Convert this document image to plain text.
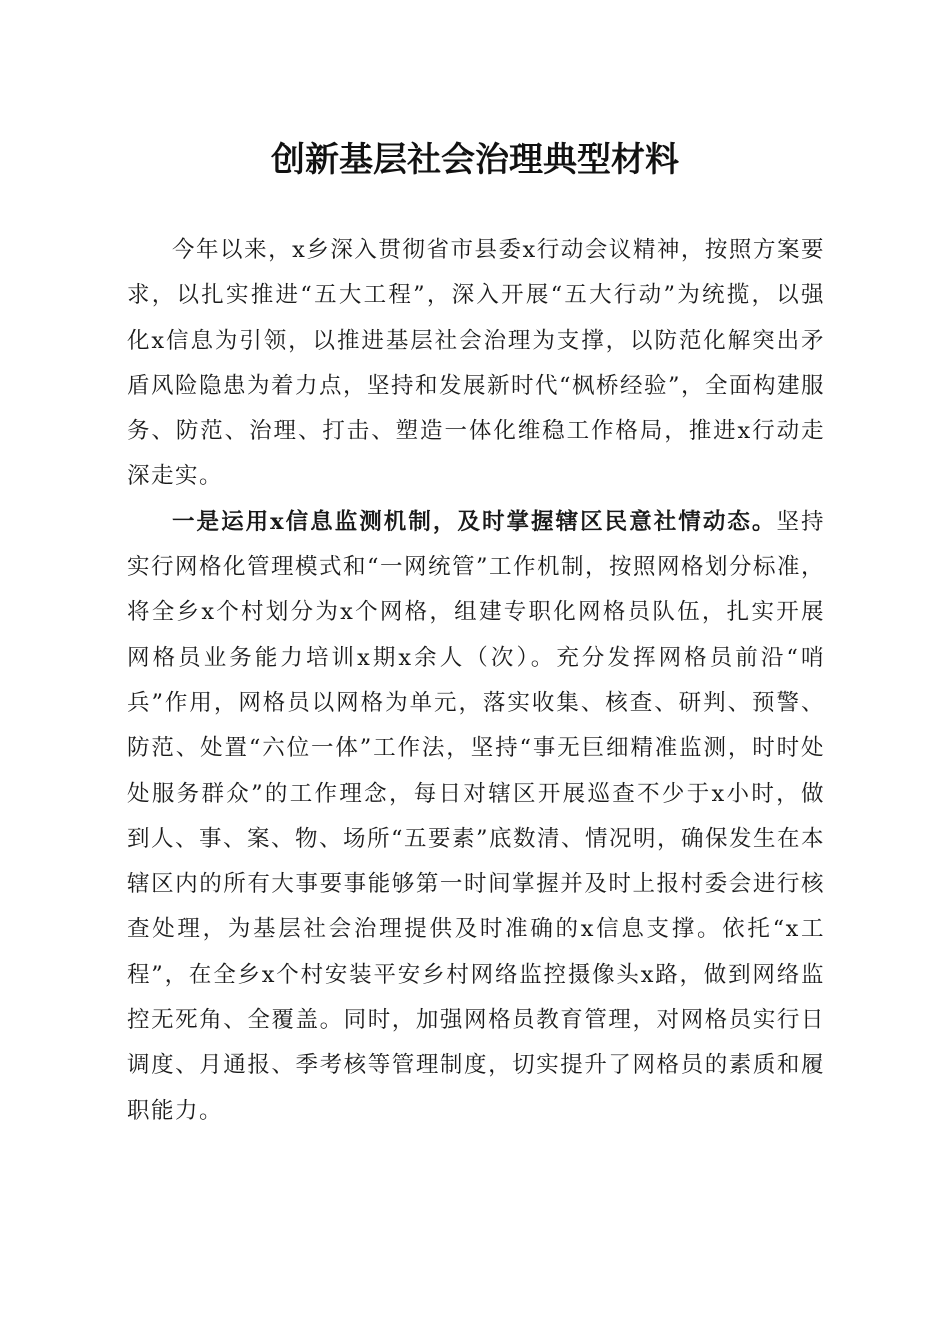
创新基层社会治理典型材料

今年以来，x乡深入贯彻省市县委x行动会议精神，按照方案要求，以扎实推进“五大工程”，深入开展“五大行动”为统揽，以强化x信息为引领，以推进基层社会治理为支撑，以防范化解突出矛盾风险隐患为着力点，坚持和发展新时代“枫桥经验”，全面构建服务、防范、治理、打击、塑造一体化维稳工作格局，推进x行动走深走实。

一是运用x信息监测机制，及时掌握辖区民意社情动态。坚持实行网格化管理模式和“一网统管”工作机制，按照网格划分标准，将全乡x个村划分为x个网格，组建专职化网格员队伍，扎实开展网格员业务能力培训x期x余人（次）。充分发挥网格员前沿“哨兵”作用，网格员以网格为单元，落实收集、核查、研判、预警、防范、处置“六位一体”工作法，坚持“事无巨细精准监测，时时处处服务群众”的工作理念，每日对辖区开展巡查不少于x小时，做到人、事、案、物、场所“五要素”底数清、情况明，确保发生在本辖区内的所有大事要事能够第一时间掌握并及时上报村委会进行核查处理，为基层社会治理提供及时准确的x信息支撑。依托“x工程”，在全乡x个村安装平安乡村网络监控摄像头x路，做到网络监控无死角、全覆盖。同时，加强网格员教育管理，对网格员实行日调度、月通报、季考核等管理制度，切实提升了网格员的素质和履职能力。
